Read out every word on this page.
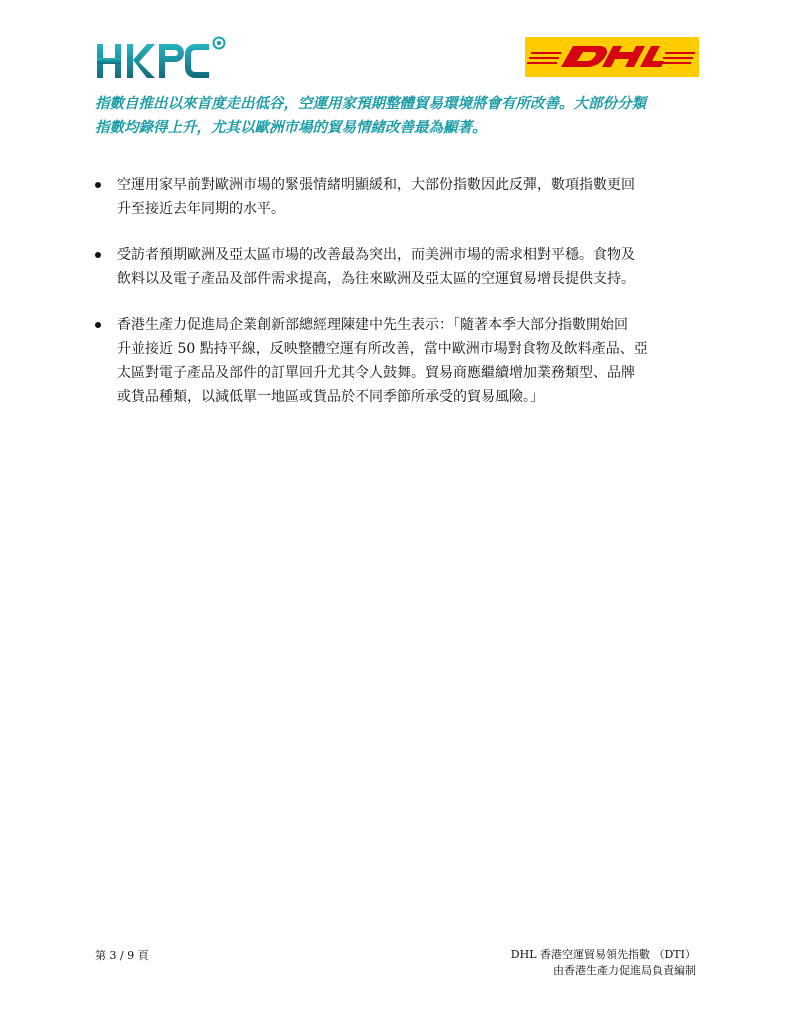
指數自推出以來首度走出低谷，空運用家預期整體貿易環境將會有所改善。大部份分類
指數均錄得上升，尤其以歐洲市場的貿易情緒改善最為顯著。
空運用家早前對歐洲市場的緊張情緒明顯緩和，大部份指數因此反彈，數項指數更回
升至接近去年同期的水平。
受訪者預期歐洲及亞太區市場的改善最為突出，而美洲市場的需求相對平穩。食物及
飲料以及電子產品及部件需求提高，為往來歐洲及亞太區的空運貿易增長提供支持。
香港生產力促進局企業創新部總經理陳建中先生表示：「隨著本季大部分指數開始回
升並接近 50 點持平線，反映整體空運有所改善，當中歐洲市場對食物及飲料產品、亞
太區對電子產品及部件的訂單回升尤其令人鼓舞。貿易商應繼續增加業務類型、品牌
或貨品種類，以減低單一地區或貨品於不同季節所承受的貿易風險。」
第 3 / 9 頁	DHL 香港空運貿易領先指數 （DTI）
由香港生產力促進局負責編制
